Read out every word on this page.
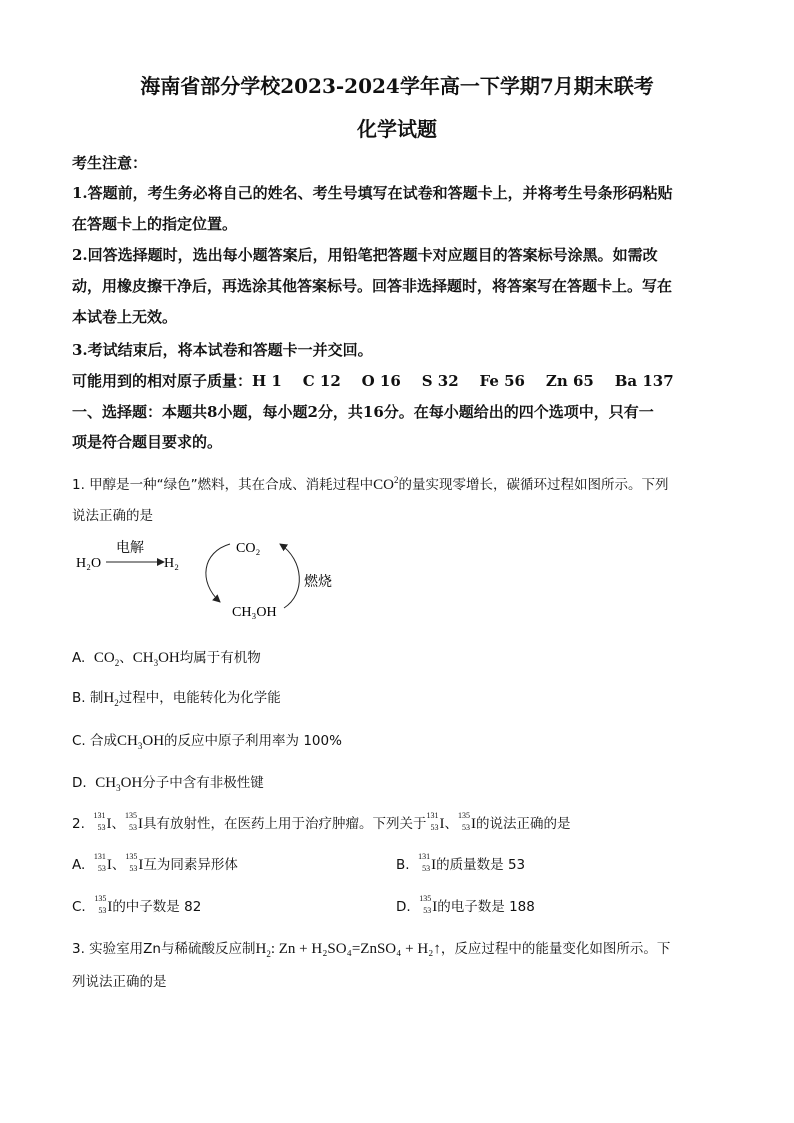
海南省部分学校2023-2024学年高一下学期7月期末联考
化学试题
考生注意：
1.答题前，考生务必将自己的姓名、考生号填写在试卷和答题卡上，并将考生号条形码粘贴
在答题卡上的指定位置。
2.回答选择题时，选出每小题答案后，用铅笔把答题卡对应题目的答案标号涂黑。如需改
动，用橡皮擦干净后，再选涂其他答案标号。回答非选择题时，将答案写在答题卡上。写在
本试卷上无效。
3.考试结束后，将本试卷和答题卡一并交回。
可能用到的相对原子质量：H 1    C 12    O 16    S 32    Fe 56    Zn 65    Ba 137
一、选择题：本题共8小题，每小题2分，共16分。在每小题给出的四个选项中，只有一
项是符合题目要求的。
1. 甲醇是一种“绿色”燃料，其在合成、消耗过程中$CO^2$的量实现零增长，碳循环过程如图所示。下列
说法正确的是
H₂O
电解
H₂
CO₂
CH₃OH
燃烧
A. $CO_2$、$CH_3OH$均属于有机物
B. 制$H_2$过程中，电能转化为化学能
C. 合成$CH_3OH$的反应中原子利用率为 100%
D. $CH_3OH$分子中含有非极性键
2.
131
53 I、
135
53 I具有放射性，在医药上用于治疗肿瘤。下列关于
131
53 I、
135
53 I的说法正确的是
A.
131
53 I、
135
53 I互为同素异形体	B.
131
53 I的质量数是 53
C.
135
53 I的中子数是 82	D.
135
53 I的电子数是 188
3. 实验室用Zn与稀硫酸反应制$H_2$: Zn + H₂SO₄=ZnSO₄ + H₂↑，反应过程中的能量变化如图所示。下
列说法正确的是
